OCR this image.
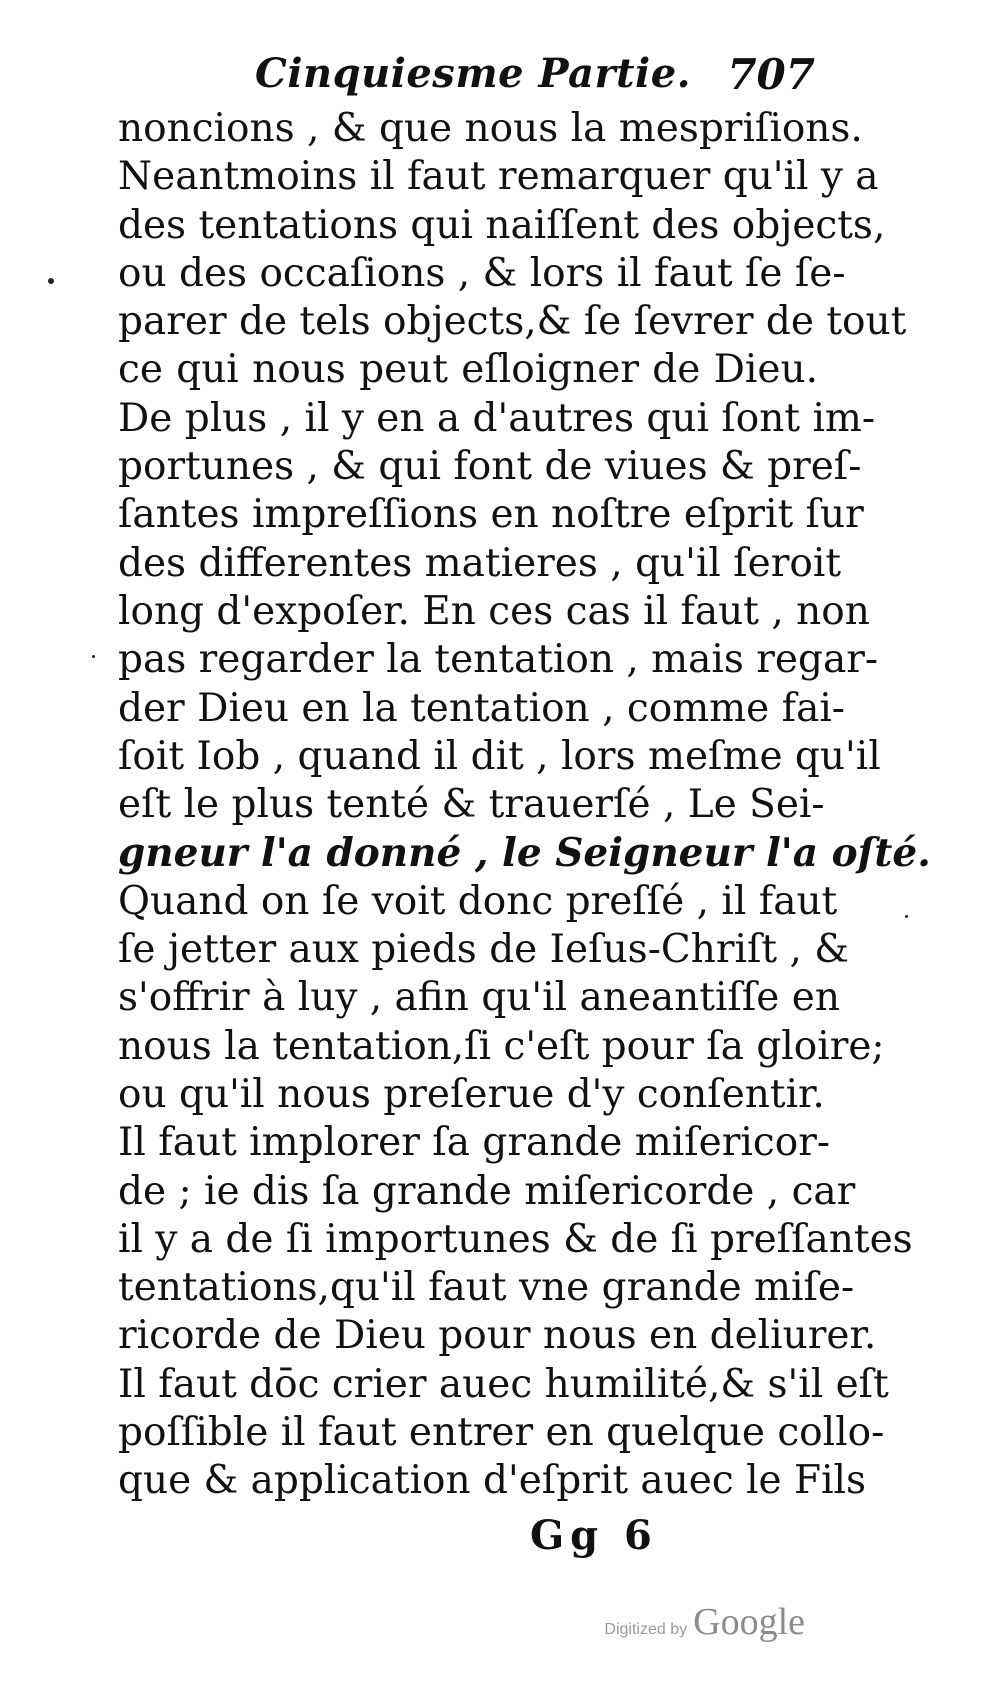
Cinquiesme Partie. 707
noncions , & que nous la mespriſions.
Neantmoins il faut remarquer qu'il y a
des tentations qui naiſſent des objects,
ou des occaſions , & lors il faut ſe ſe-
parer de tels objects,& ſe ſevrer de tout
ce qui nous peut eſloigner de Dieu.
De plus , il y en a d'autres qui ſont im-
portunes , & qui font de viues & preſ-
ſantes impreſſions en noſtre eſprit ſur
des differentes matieres , qu'il ſeroit
long d'expoſer. En ces cas il faut , non
pas regarder la tentation , mais regar-
der Dieu en la tentation , comme fai-
ſoit Iob , quand il dit , lors meſme qu'il
eſt le plus tenté & trauerſé , Le Sei-
gneur l'a donné , le Seigneur l'a oſté.
Quand on ſe voit donc preſſé , il faut
ſe jetter aux pieds de Ieſus-Chriſt , &
s'offrir à luy , afin qu'il aneantiſſe en
nous la tentation,ſi c'eſt pour ſa gloire;
ou qu'il nous preſerue d'y conſentir.
Il faut implorer ſa grande miſericor-
de ; ie dis ſa grande miſericorde , car
il y a de ſi importunes & de ſi preſſantes
tentations,qu'il faut vne grande miſe-
ricorde de Dieu pour nous en deliurer.
Il faut dōc crier auec humilité,& s'il eſt
poſſible il faut entrer en quelque collo-
que & application d'eſprit auec le Fils
Gg 6
Digitized by Google
